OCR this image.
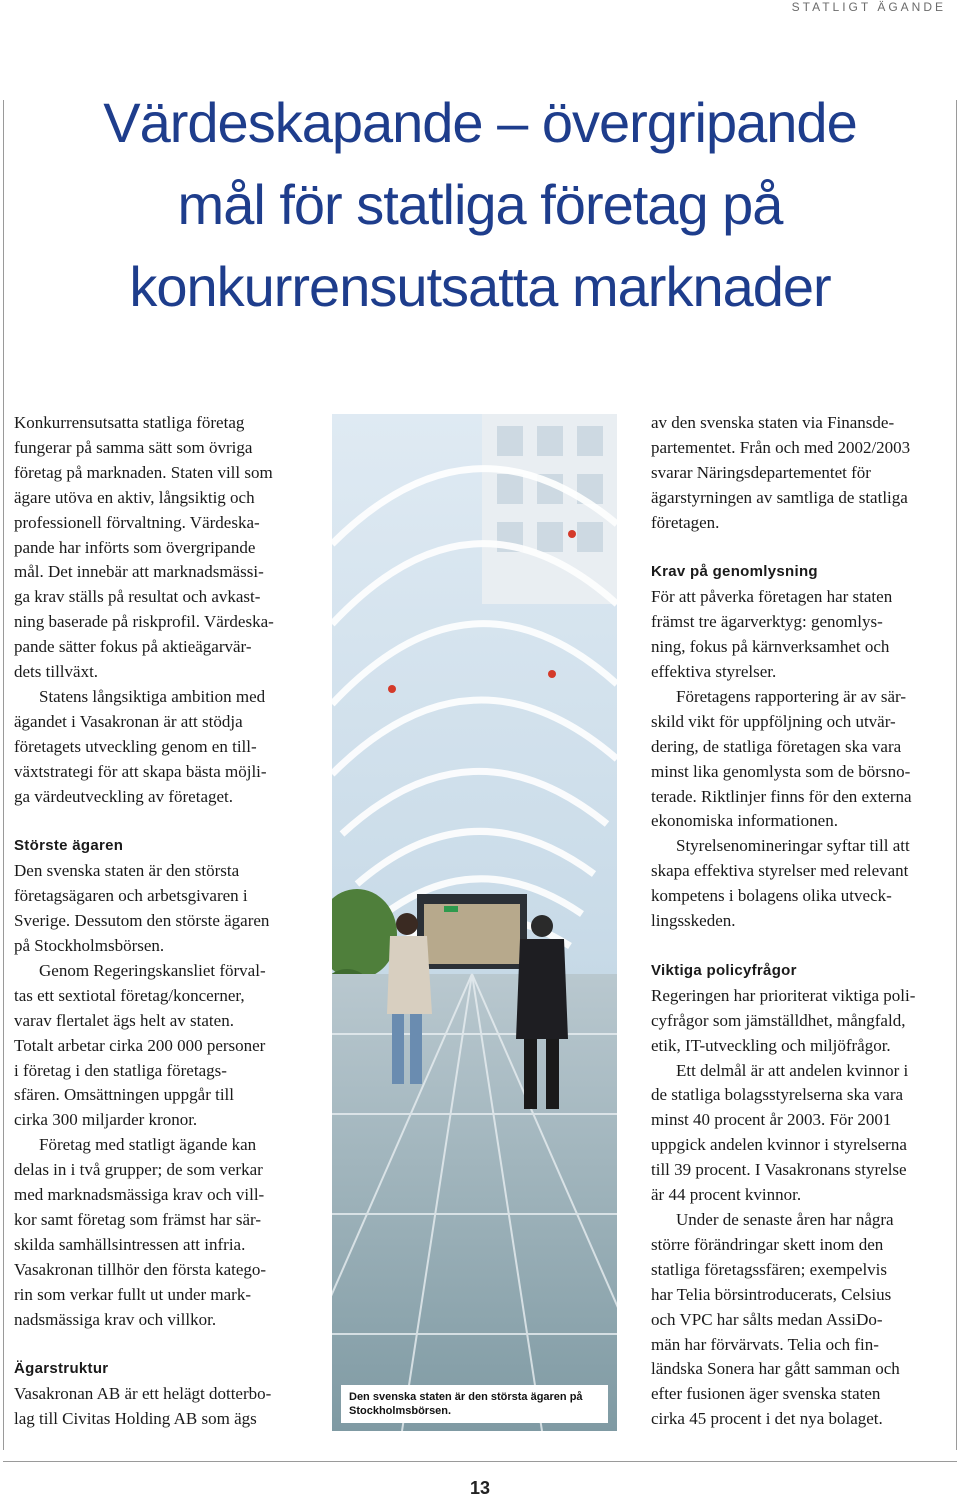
STATLIGT ÄGANDE
Värdeskapande – övergripande
mål för statliga företag på
konkurrensutsatta marknader

Konkurrensutsatta statliga företag
fungerar på samma sätt som övriga
företag på marknaden. Staten vill som
ägare utöva en aktiv, långsiktig och
professionell förvaltning. Värdeska-
pande har införts som övergripande
mål. Det innebär att marknadsmässi-
ga krav ställs på resultat och avkast-
ning baserade på riskprofil. Värdeska-
pande sätter fokus på aktieägarvär-
dets tillväxt.

Statens långsiktiga ambition med
ägandet i Vasakronan är att stödja
företagets utveckling genom en till-
växtstrategi för att skapa bästa möjli-
ga värdeutveckling av företaget.

Störste ägaren

Den svenska staten är den största
företagsägaren och arbetsgivaren i
Sverige. Dessutom den störste ägaren
på Stockholmsbörsen.

Genom Regeringskansliet förval-
tas ett sextiotal företag/koncerner,
varav flertalet ägs helt av staten.
Totalt arbetar cirka 200 000 personer
i företag i den statliga företags-
sfären. Omsättningen uppgår till
cirka 300 miljarder kronor.

Företag med statligt ägande kan
delas in i två grupper; de som verkar
med marknadsmässiga krav och vill-
kor samt företag som främst har sär-
skilda samhällsintressen att infria.
Vasakronan tillhör den första katego-
rin som verkar fullt ut under mark-
nadsmässiga krav och villkor.

Ägarstruktur

Vasakronan AB är ett helägt dotterbo-
lag till Civitas Holding AB som ägs

Den svenska staten är den största ägaren på Stockholmsbörsen.

av den svenska staten via Finansde-
partementet. Från och med 2002/2003
svarar Näringsdepartementet för
ägarstyrningen av samtliga de statliga
företagen.

Krav på genomlysning

För att påverka företagen har staten
främst tre ägarverktyg: genomlys-
ning, fokus på kärnverksamhet och
effektiva styrelser.

Företagens rapportering är av sär-
skild vikt för uppföljning och utvär-
dering, de statliga företagen ska vara
minst lika genomlysta som de börsno-
terade. Riktlinjer finns för den externa
ekonomiska informationen.

Styrelsenomineringar syftar till att
skapa effektiva styrelser med relevant
kompetens i bolagens olika utveck-
lingsskeden.

Viktiga policyfrågor

Regeringen har prioriterat viktiga poli-
cyfrågor som jämställdhet, mångfald,
etik, IT-utveckling och miljöfrågor.

Ett delmål är att andelen kvinnor i
de statliga bolagsstyrelserna ska vara
minst 40 procent år 2003. För 2001
uppgick andelen kvinnor i styrelserna
till 39 procent. I Vasakronans styrelse
är 44 procent kvinnor.

Under de senaste åren har några
större förändringar skett inom den
statliga företagssfären; exempelvis
har Telia börsintroducerats, Celsius
och VPC har sålts medan AssiDo-
män har förvärvats. Telia och fin-
ländska Sonera har gått samman och
efter fusionen äger svenska staten
cirka 45 procent i det nya bolaget.

13
